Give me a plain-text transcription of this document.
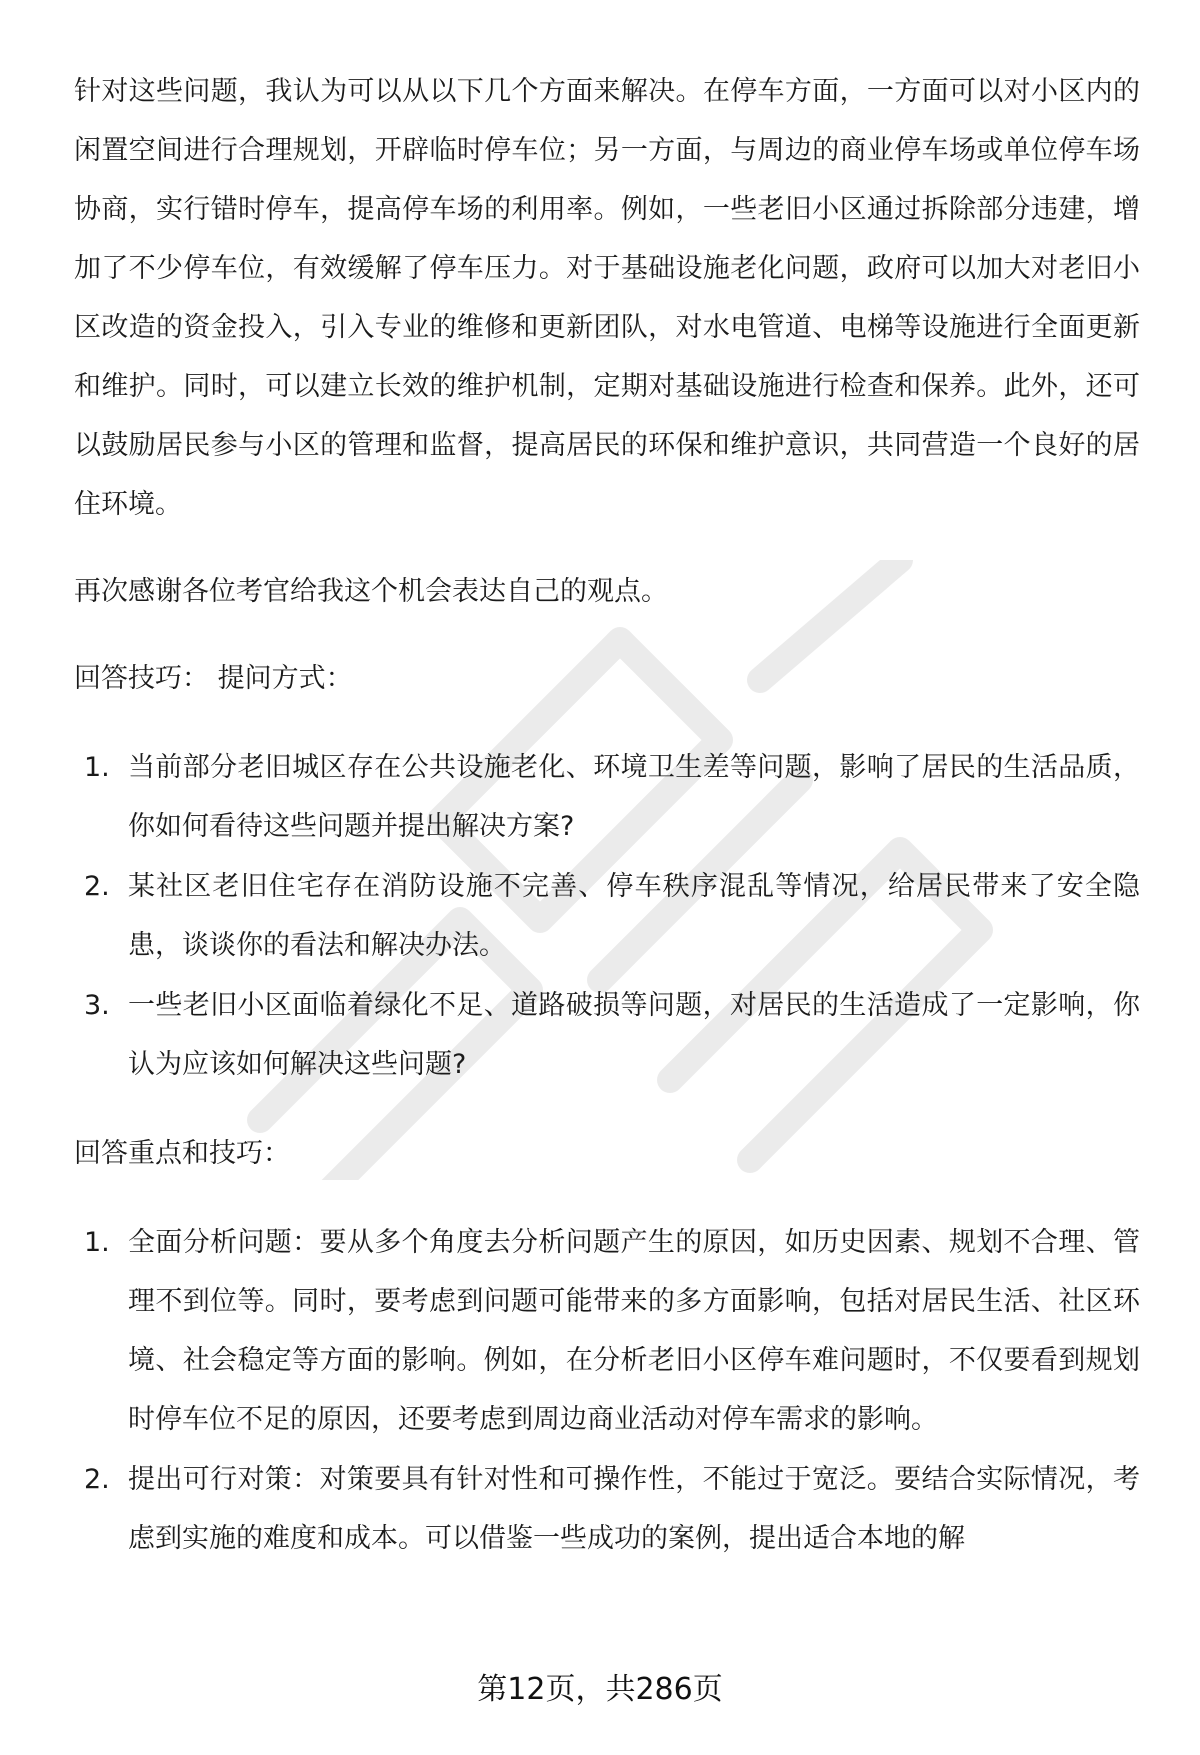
针对这些问题，我认为可以从以下几个方面来解决。在停车方面，一方面可以对小区内的闲置空间进行合理规划，开辟临时停车位；另一方面，与周边的商业停车场或单位停车场协商，实行错时停车，提高停车场的利用率。例如，一些老旧小区通过拆除部分违建，增加了不少停车位，有效缓解了停车压力。对于基础设施老化问题，政府可以加大对老旧小区改造的资金投入，引入专业的维修和更新团队，对水电管道、电梯等设施进行全面更新和维护。同时，可以建立长效的维护机制，定期对基础设施进行检查和保养。此外，还可以鼓励居民参与小区的管理和监督，提高居民的环保和维护意识，共同营造一个良好的居住环境。

再次感谢各位考官给我这个机会表达自己的观点。

回答技巧： 提问方式：

1. 当前部分老旧城区存在公共设施老化、环境卫生差等问题，影响了居民的生活品质，你如何看待这些问题并提出解决方案?
2. 某社区老旧住宅存在消防设施不完善、停车秩序混乱等情况，给居民带来了安全隐患，谈谈你的看法和解决办法。
3. 一些老旧小区面临着绿化不足、道路破损等问题，对居民的生活造成了一定影响，你认为应该如何解决这些问题?

回答重点和技巧：

1. 全面分析问题：要从多个角度去分析问题产生的原因，如历史因素、规划不合理、管理不到位等。同时，要考虑到问题可能带来的多方面影响，包括对居民生活、社区环境、社会稳定等方面的影响。例如，在分析老旧小区停车难问题时，不仅要看到规划时停车位不足的原因，还要考虑到周边商业活动对停车需求的影响。
2. 提出可行对策：对策要具有针对性和可操作性，不能过于宽泛。要结合实际情况，考虑到实施的难度和成本。可以借鉴一些成功的案例，提出适合本地的解
第12页，共286页
